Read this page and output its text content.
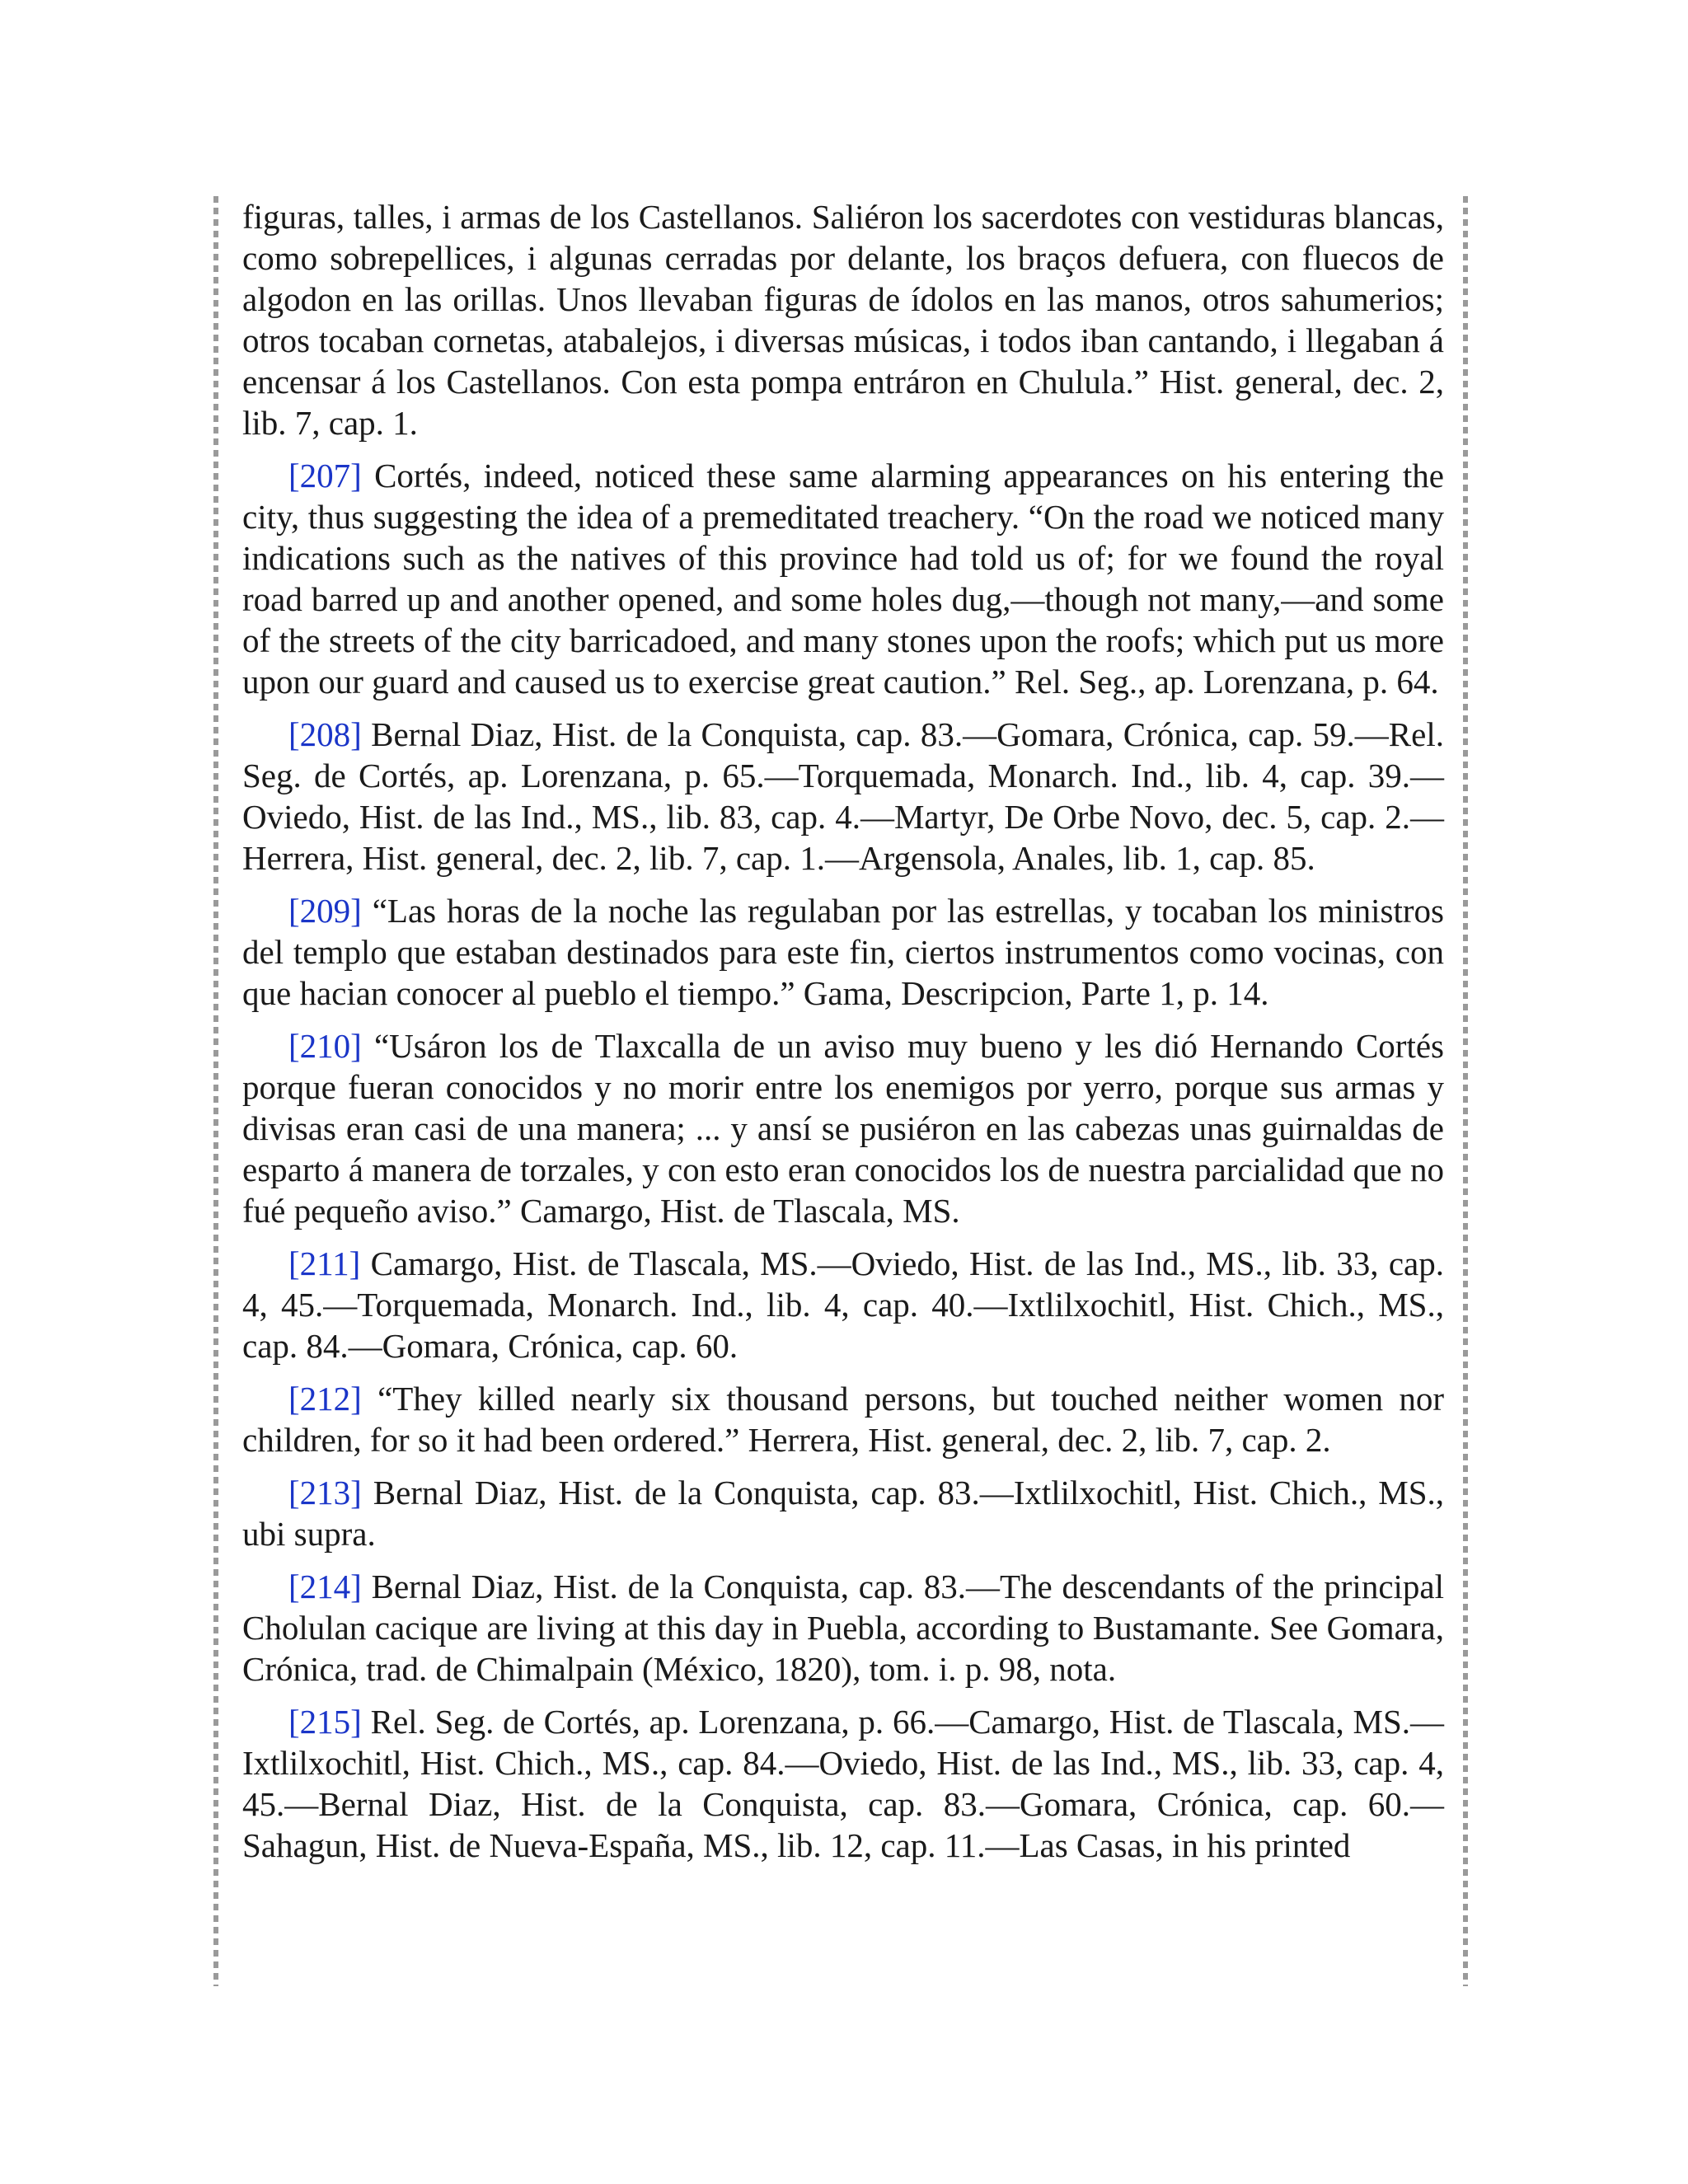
figuras, talles, i armas de los Castellanos. Saliéron los sacerdotes con vestiduras blancas, como sobrepellices, i algunas cerradas por delante, los braços defuera, con fluecos de algodon en las orillas. Unos llevaban figuras de ídolos en las manos, otros sahumerios; otros tocaban cornetas, atabalejos, i diversas músicas, i todos iban cantando, i llegaban á encensar á los Castellanos. Con esta pompa entráron en Chulula.” Hist. general, dec. 2, lib. 7, cap. 1.

[207] Cortés, indeed, noticed these same alarming appearances on his entering the city, thus suggesting the idea of a premeditated treachery. “On the road we noticed many indications such as the natives of this province had told us of; for we found the royal road barred up and another opened, and some holes dug,—though not many,—and some of the streets of the city barricadoed, and many stones upon the roofs; which put us more upon our guard and caused us to exercise great caution.” Rel. Seg., ap. Lorenzana, p. 64.

[208] Bernal Diaz, Hist. de la Conquista, cap. 83.—Gomara, Crónica, cap. 59.—Rel. Seg. de Cortés, ap. Lorenzana, p. 65.—Torquemada, Monarch. Ind., lib. 4, cap. 39.—Oviedo, Hist. de las Ind., MS., lib. 83, cap. 4.—Martyr, De Orbe Novo, dec. 5, cap. 2.—Herrera, Hist. general, dec. 2, lib. 7, cap. 1.—Argensola, Anales, lib. 1, cap. 85.

[209] “Las horas de la noche las regulaban por las estrellas, y tocaban los ministros del templo que estaban destinados para este fin, ciertos instrumentos como vocinas, con que hacian conocer al pueblo el tiempo.” Gama, Descripcion, Parte 1, p. 14.

[210] “Usáron los de Tlaxcalla de un aviso muy bueno y les dió Hernando Cortés porque fueran conocidos y no morir entre los enemigos por yerro, porque sus armas y divisas eran casi de una manera; ... y ansí se pusiéron en las cabezas unas guirnaldas de esparto á manera de torzales, y con esto eran conocidos los de nuestra parcialidad que no fué pequeño aviso.” Camargo, Hist. de Tlascala, MS.

[211] Camargo, Hist. de Tlascala, MS.—Oviedo, Hist. de las Ind., MS., lib. 33, cap. 4, 45.—Torquemada, Monarch. Ind., lib. 4, cap. 40.—Ixtlilxochitl, Hist. Chich., MS., cap. 84.—Gomara, Crónica, cap. 60.

[212] “They killed nearly six thousand persons, but touched neither women nor children, for so it had been ordered.” Herrera, Hist. general, dec. 2, lib. 7, cap. 2.

[213] Bernal Diaz, Hist. de la Conquista, cap. 83.—Ixtlilxochitl, Hist. Chich., MS., ubi supra.

[214] Bernal Diaz, Hist. de la Conquista, cap. 83.—The descendants of the principal Cholulan cacique are living at this day in Puebla, according to Bustamante. See Gomara, Crónica, trad. de Chimalpain (México, 1820), tom. i. p. 98, nota.

[215] Rel. Seg. de Cortés, ap. Lorenzana, p. 66.—Camargo, Hist. de Tlascala, MS.—Ixtlilxochitl, Hist. Chich., MS., cap. 84.—Oviedo, Hist. de las Ind., MS., lib. 33, cap. 4, 45.—Bernal Diaz, Hist. de la Conquista, cap. 83.—Gomara, Crónica, cap. 60.—Sahagun, Hist. de Nueva-España, MS., lib. 12, cap. 11.—Las Casas, in his printed
